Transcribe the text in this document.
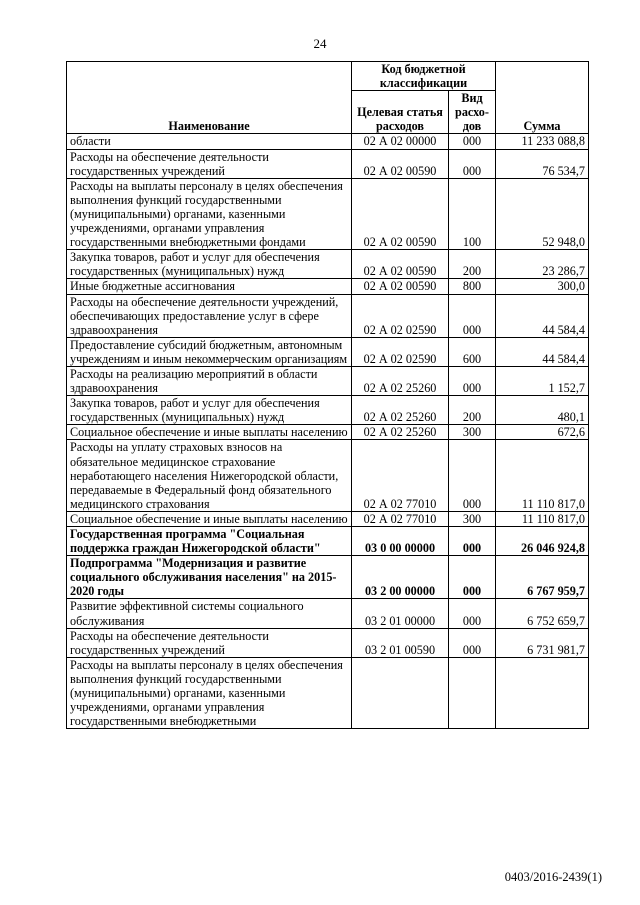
24
Наименование	Код бюджетной классификации		Сумма
	Целевая статья расходов	Вид расхо-дов	
области	02 А 02 00000	000	11 233 088,8
Расходы на обеспечение деятельности государственных учреждений	02 А 02 00590	000	76 534,7
Расходы на выплаты персоналу в целях обеспечения выполнения функций государственными (муниципальными) органами, казенными учреждениями, органами управления государственными внебюджетными фондами	02 А 02 00590	100	52 948,0
Закупка товаров, работ и услуг для обеспечения государственных (муниципальных) нужд	02 А 02 00590	200	23 286,7
Иные бюджетные ассигнования	02 А 02 00590	800	300,0
Расходы на обеспечение деятельности учреждений, обеспечивающих предоставление услуг в сфере здравоохранения	02 А 02 02590	000	44 584,4
Предоставление субсидий бюджетным, автономным учреждениям и иным некоммерческим организациям	02 А 02 02590	600	44 584,4
Расходы на реализацию мероприятий в области здравоохранения	02 А 02 25260	000	1 152,7
Закупка товаров, работ и услуг для обеспечения государственных (муниципальных) нужд	02 А 02 25260	200	480,1
Социальное обеспечение и иные выплаты населению	02 А 02 25260	300	672,6
Расходы на уплату страховых взносов на обязательное медицинское страхование неработающего населения Нижегородской области, передаваемые в Федеральный фонд обязательного медицинского страхования	02 А 02 77010	000	11 110 817,0
Социальное обеспечение и иные выплаты населению	02 А 02 77010	300	11 110 817,0
Государственная программа "Социальная поддержка граждан Нижегородской области"	03 0 00 00000	000	26 046 924,8
Подпрограмма "Модернизация и развитие социального обслуживания населения" на 2015-2020 годы	03 2 00 00000	000	6 767 959,7
Развитие эффективной системы социального обслуживания	03 2 01 00000	000	6 752 659,7
Расходы на обеспечение деятельности государственных учреждений	03 2 01 00590	000	6 731 981,7
Расходы на выплаты персоналу в целях обеспечения выполнения функций государственными (муниципальными) органами, казенными учреждениями, органами управления государственными внебюджетными			
0403/2016-2439(1)
